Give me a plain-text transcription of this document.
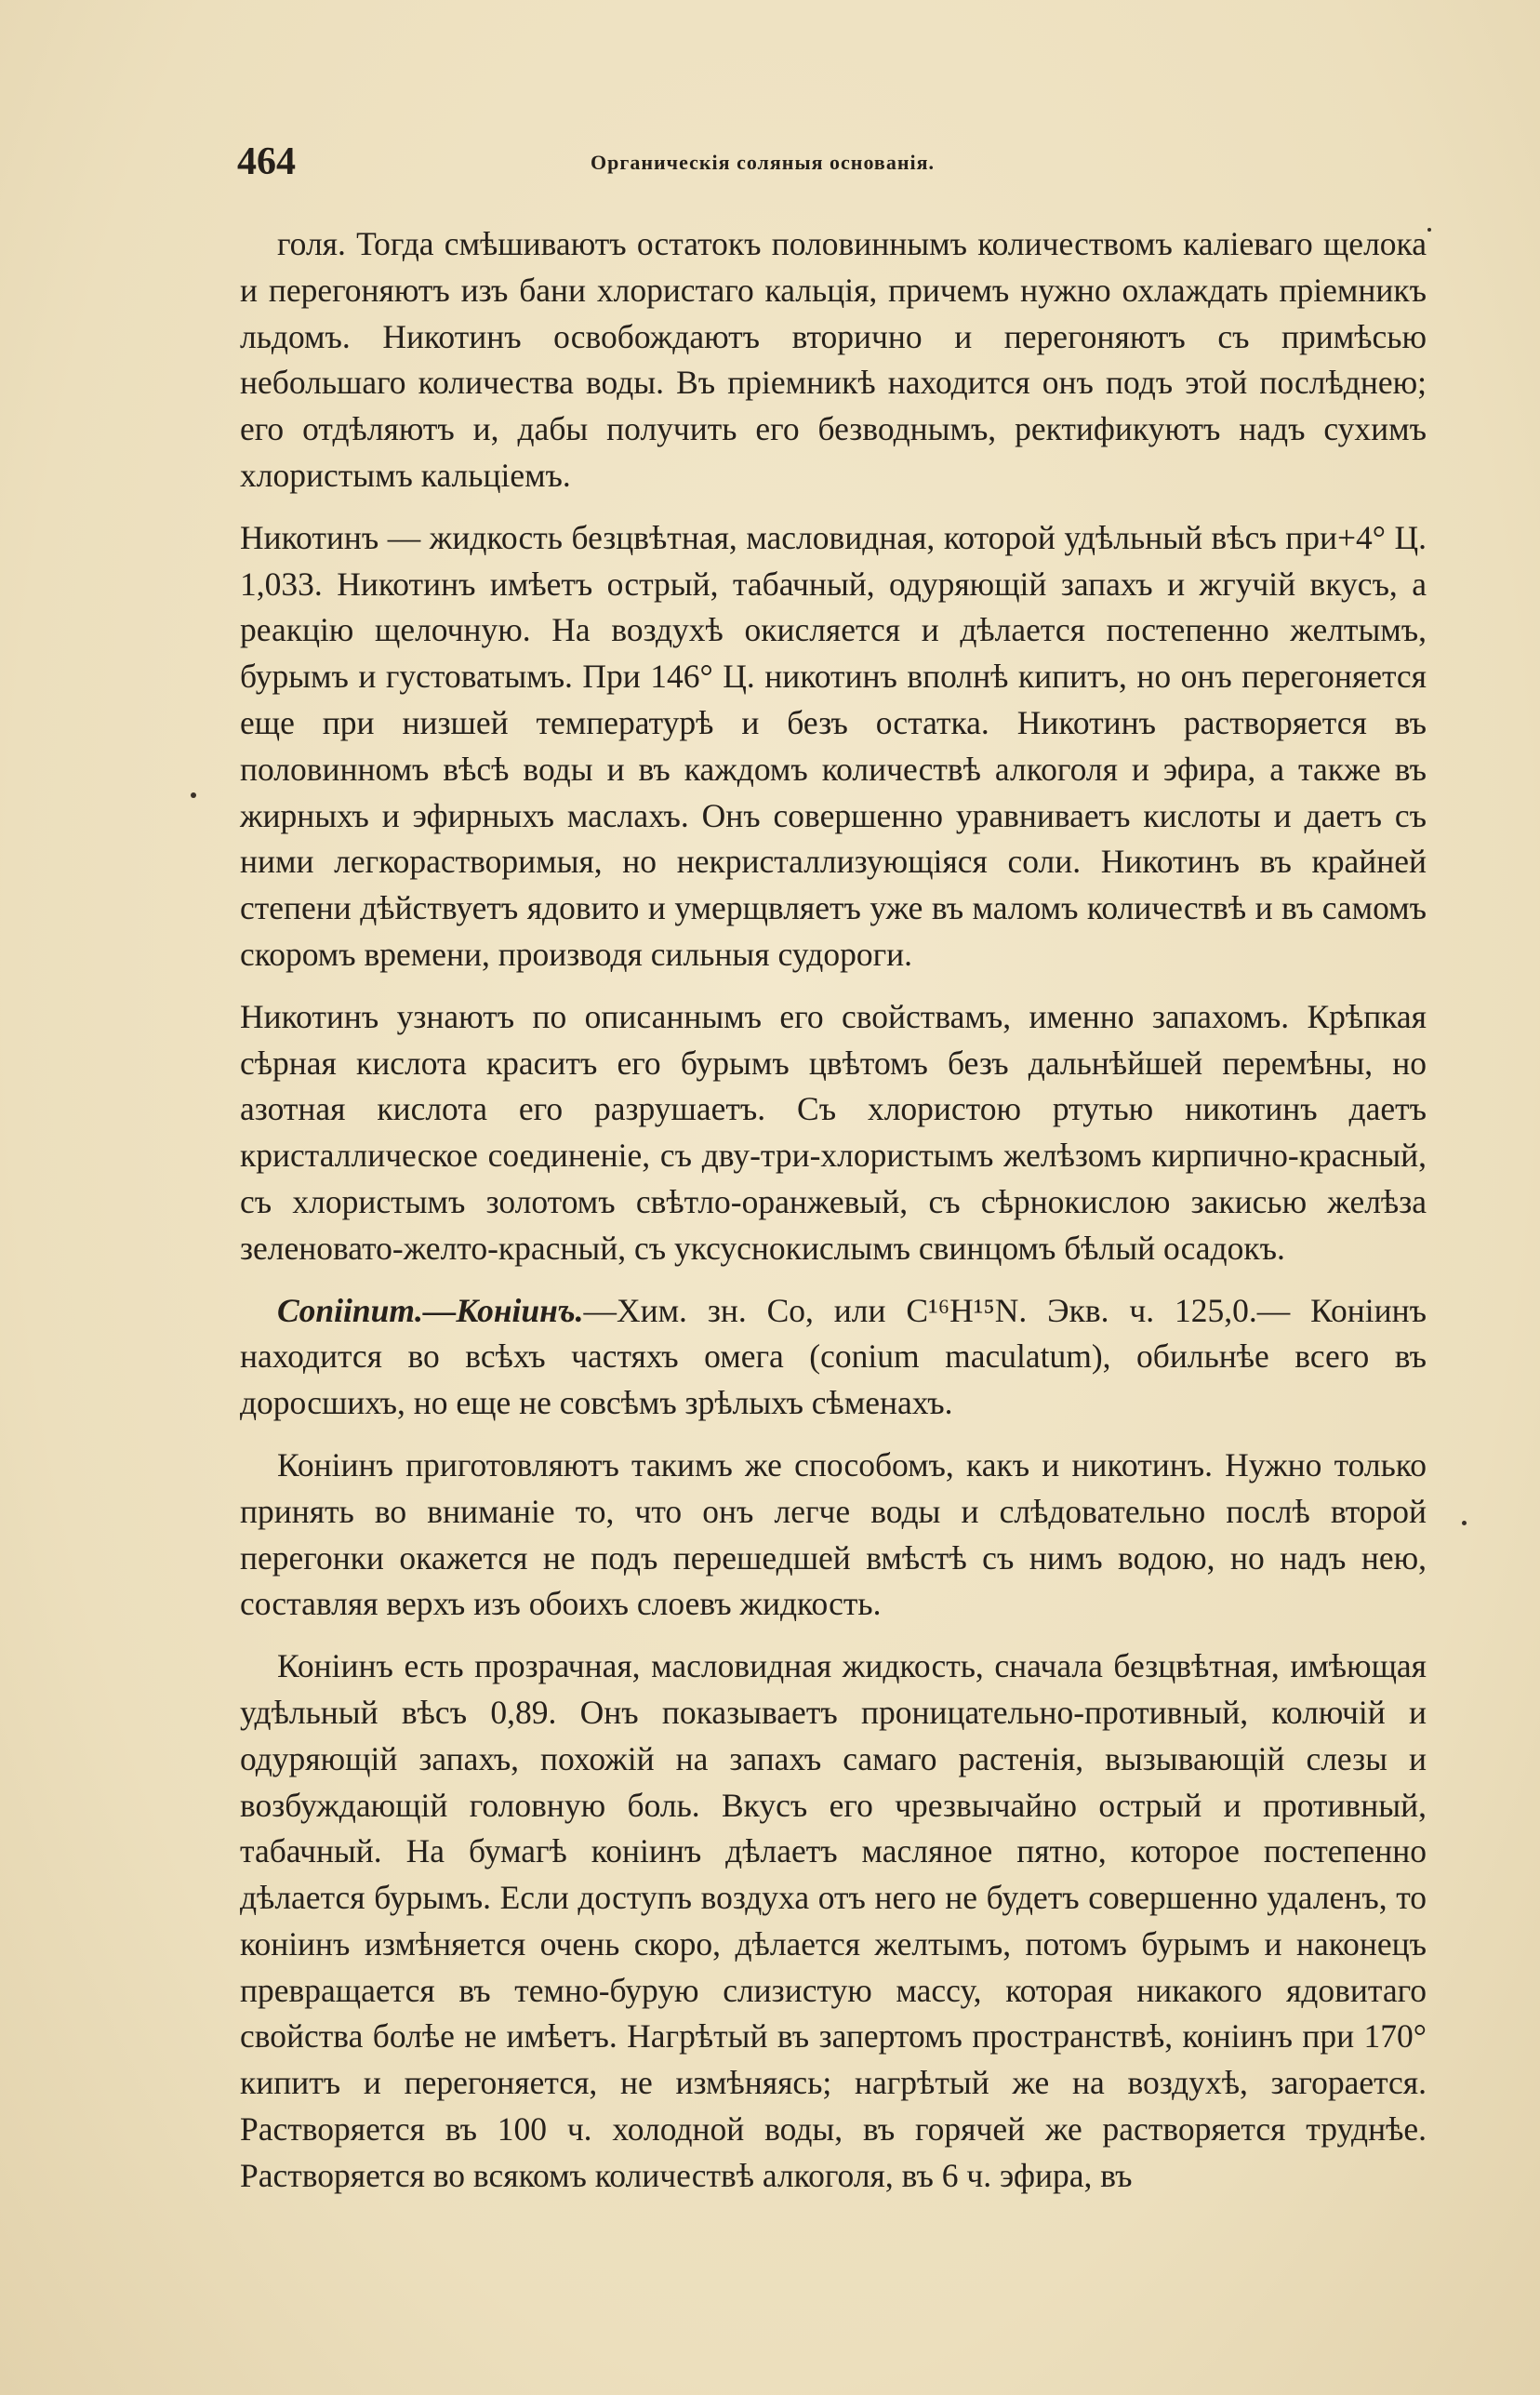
464	Органическія соляныя основанія.

голя. Тогда смѣшиваютъ остатокъ половиннымъ количествомъ каліеваго щелока и перегоняютъ изъ бани хлористаго кальція, причемъ нужно охлаждать пріемникъ льдомъ. Никотинъ освобождаютъ вторично и перегоняютъ съ примѣсью небольшаго количества воды. Въ пріемникѣ находится онъ подъ этой послѣднею; его отдѣляютъ и, дабы получить его безводнымъ, ректификуютъ надъ сухимъ хлористымъ кальціемъ.

Никотинъ — жидкость безцвѣтная, масловидная, которой удѣльный вѣсъ при+4° Ц. 1,033. Никотинъ имѣетъ острый, табачный, одуряющій запахъ и жгучій вкусъ, а реакцію щелочную. На воздухѣ окисляется и дѣлается постепенно желтымъ, бурымъ и густоватымъ. При 146° Ц. никотинъ вполнѣ кипитъ, но онъ перегоняется еще при низшей температурѣ и безъ остатка. Никотинъ растворяется въ половинномъ вѣсѣ воды и въ каждомъ количествѣ алкоголя и эфира, а также въ жирныхъ и эфирныхъ маслахъ. Онъ совершенно уравниваетъ кислоты и даетъ съ ними легкорастворимыя, но некристаллизующіяся соли. Никотинъ въ крайней степени дѣйствуетъ ядовито и умерщвляетъ уже въ маломъ количествѣ и въ самомъ скоромъ времени, производя сильныя судороги.

Никотинъ узнаютъ по описаннымъ его свойствамъ, именно запахомъ. Крѣпкая сѣрная кислота краситъ его бурымъ цвѣтомъ безъ дальнѣйшей перемѣны, но азотная кислота его разрушаетъ. Съ хлористою ртутью никотинъ даетъ кристаллическое соединеніе, съ дву-три-хлористымъ желѣзомъ кирпично-красный, съ хлористымъ золотомъ свѣтло-оранжевый, съ сѣрнокислою закисью желѣза зеленовато-желто-красный, съ уксуснокислымъ свинцомъ бѣлый осадокъ.

Coniinum.—Коніинъ.—Хим. зн. Co, или C¹⁶H¹⁵N. Экв. ч. 125,0.— Коніинъ находится во всѣхъ частяхъ омега (conium maculatum), обильнѣе всего въ доросшихъ, но еще не совсѣмъ зрѣлыхъ сѣменахъ.

Коніинъ приготовляютъ такимъ же способомъ, какъ и никотинъ. Нужно только принять во вниманіе то, что онъ легче воды и слѣдовательно послѣ второй перегонки окажется не подъ перешедшей вмѣстѣ съ нимъ водою, но надъ нею, составляя верхъ изъ обоихъ слоевъ жидкость.

Коніинъ есть прозрачная, масловидная жидкость, сначала безцвѣтная, имѣющая удѣльный вѣсъ 0,89. Онъ показываетъ проницательно-противный, колючій и одуряющій запахъ, похожій на запахъ самаго растенія, вызывающій слезы и возбуждающій головную боль. Вкусъ его чрезвычайно острый и противный, табачный. На бумагѣ коніинъ дѣлаетъ масляное пятно, которое постепенно дѣлается бурымъ. Если доступъ воздуха отъ него не будетъ совершенно удаленъ, то коніинъ измѣняется очень скоро, дѣлается желтымъ, потомъ бурымъ и наконецъ превращается въ темно-бурую слизистую массу, которая никакого ядовитаго свойства болѣе не имѣетъ. Нагрѣтый въ запертомъ пространствѣ, коніинъ при 170° кипитъ и перегоняется, не измѣняясь; нагрѣтый же на воздухѣ, загорается. Растворяется въ 100 ч. холодной воды, въ горячей же растворяется труднѣе. Растворяется во всякомъ количествѣ алкоголя, въ 6 ч. эфира, въ
